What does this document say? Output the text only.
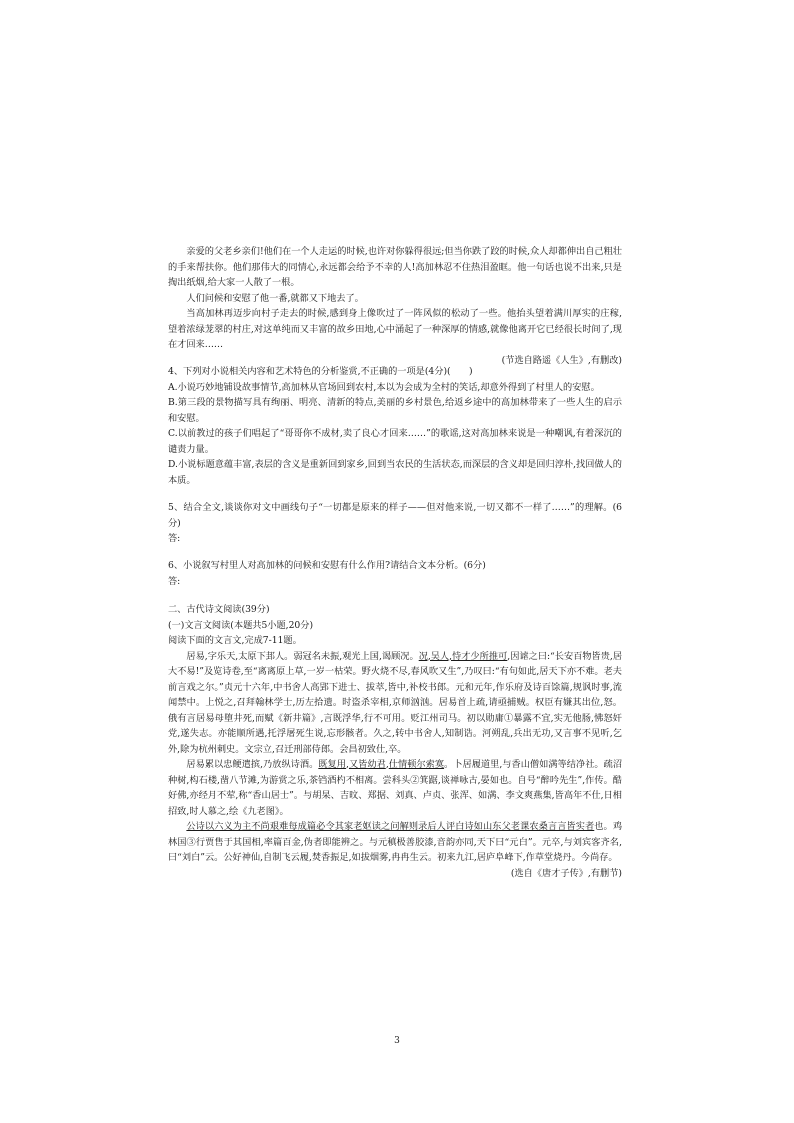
亲爱的父老乡亲们!他们在一个人走运的时候,也许对你躲得很远;但当你跌了跤的时候,众人却都伸出自己粗壮的手来帮扶你。他们那伟大的同情心,永远都会给予不幸的人!高加林忍不住热泪盈眶。他一句话也说不出来,只是掏出纸烟,给大家一人散了一根。

人们问候和安慰了他一番,就都又下地去了。

当高加林再迈步向村子走去的时候,感到身上像吹过了一阵风似的松动了一些。他抬头望着满川厚实的庄稼,望着浓绿茏翠的村庄,对这单纯而又丰富的故乡田地,心中涌起了一种深厚的情感,就像他离开它已经很长时间了,现在才回来……

(节选自路遥《人生》,有删改)

4、下列对小说相关内容和艺术特色的分析鉴赏,不正确的一项是(4分)(　　)

A.小说巧妙地铺设故事情节,高加林从官场回到农村,本以为会成为全村的笑话,却意外得到了村里人的安慰。

B.第三段的景物描写具有绚丽、明亮、清新的特点,美丽的乡村景色,给返乡途中的高加林带来了一些人生的启示和安慰。

C.以前教过的孩子们唱起了“哥哥你不成材,卖了良心才回来……”的歌谣,这对高加林来说是一种嘲讽,有着深沉的谴责力量。

D.小说标题意蕴丰富,表层的含义是重新回到家乡,回到当农民的生活状态,而深层的含义却是回归淳朴,找回做人的本质。

5、结合全文,谈谈你对文中画线句子“一切都是原来的样子——但对他来说,一切又都不一样了……”的理解。(6分)

答:

6、小说叙写村里人对高加林的问候和安慰有什么作用?请结合文本分析。(6分)

答:

二、古代诗文阅读(39分)

(一)文言文阅读(本题共5小题,20分)

阅读下面的文言文,完成7-11题。

居易,字乐天,太原下邽人。弱冠名未振,观光上国,谒顾况。况,吴人,恃才少所推可,因谑之曰:“长安百物皆贵,居大不易!”及览诗卷,至“离离原上草,一岁一枯荣。野火烧不尽,春风吹又生”,乃叹曰:“有句如此,居天下亦不难。老夫前言戏之尔。”贞元十六年,中书舍人高郢下进士、拔萃,皆中,补校书郎。元和元年,作乐府及诗百馀篇,规讽时事,流闻禁中。上悦之,召拜翰林学士,历左拾遗。时盗杀宰相,京师汹汹。居易首上疏,请亟捕贼。权臣有嫌其出位,怒。俄有言居易母堕井死,而赋《新井篇》,言既浮华,行不可用。贬江州司马。初以勋庸①暴露不宜,实无他肠,怫怒奸党,遂失志。亦能顺所遇,托浮屠死生说,忘形骸者。久之,转中书舍人,知制诰。河朔乱,兵出无功,又言事不见听,乞外,除为杭州刺史。文宗立,召迁刑部侍郎。会昌初致仕,卒。

居易累以忠鲠遣摈,乃放纵诗酒。既复用,又皆幼君,仕情顿尔索寞。卜居履道里,与香山僧如满等结净社。疏沼种树,构石楼,凿八节滩,为游赏之乐,茶铛酒杓不相离。尝科头②箕踞,谈禅咏古,晏如也。自号“醉吟先生”,作传。酷好佛,亦经月不荤,称“香山居士”。与胡杲、吉旼、郑据、刘真、卢贞、张浑、如满、李文爽燕集,皆高年不仕,日相招致,时人慕之,绘《九老图》。

公诗以六义为主不尚艰难每成篇必令其家老妪读之问解则录后人评白诗如山东父老课农桑言言皆实者也。鸡林国③行贾售于其国相,率篇百金,伪者即能辨之。与元稹极善胶漆,音韵亦同,天下曰“元白”。元卒,与刘宾客齐名,曰“刘白”云。公好神仙,自制飞云履,焚香振足,如拔烟雾,冉冉生云。初来九江,居庐阜峰下,作草堂烧丹。今尚存。

(选自《唐才子传》,有删节)

3
